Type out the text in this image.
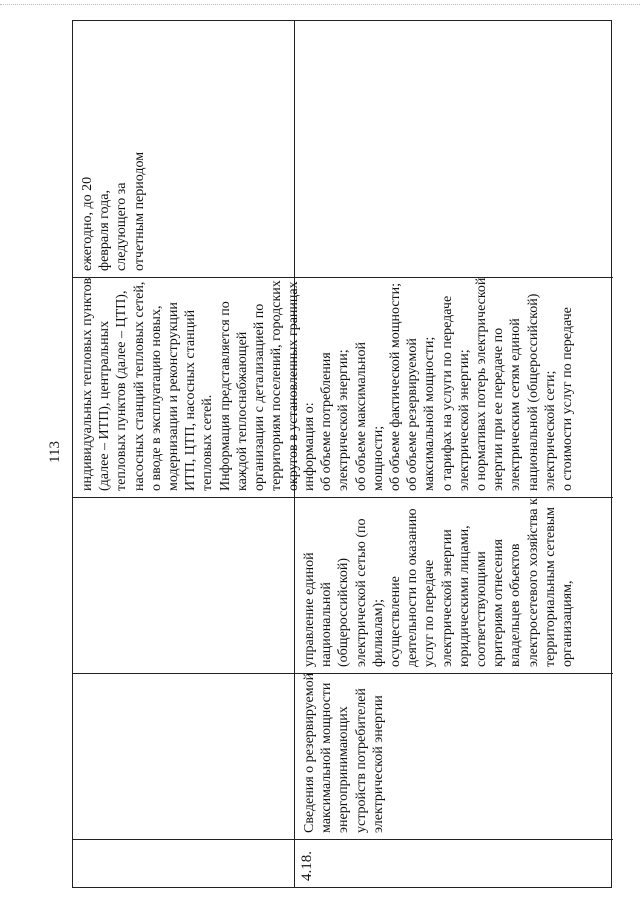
113 индивидуальных тепловых пунктов (далее – ИТП), центральных тепловых пунктов (далее – ЦТП), насосных станций тепловых сетей, о вводе в эксплуатацию новых, модернизации и реконструкции ИТП, ЦТП, насосных станций тепловых сетей. Информация представляется по каждой теплоснабжающей организации с детализацией по территориям поселений, городских округов в установленных границах
ежегодно, до 20 февраля года, следующего за отчетным периодом
4.18.
Сведения о резервируемой максимальной мощности энергопринимающих устройств потребителей электрической энергии
управление единой национальной (общероссийской) электрической сетью (по филиалам); осуществление деятельности по оказанию услуг по передаче электрической энергии юридическими лицами, соответствующими критериям отнесения владельцев объектов электросетевого хозяйства к территориальным сетевым организациям,
информация о: об объеме потребления электрической энергии; об объеме максимальной мощности; об объеме фактической мощности; об объеме резервируемой максимальной мощности; о тарифах на услуги по передаче электрической энергии; о нормативах потерь электрической энергии при ее передаче по электрическим сетям единой национальной (общероссийской) электрической сети; о стоимости услуг по передаче
